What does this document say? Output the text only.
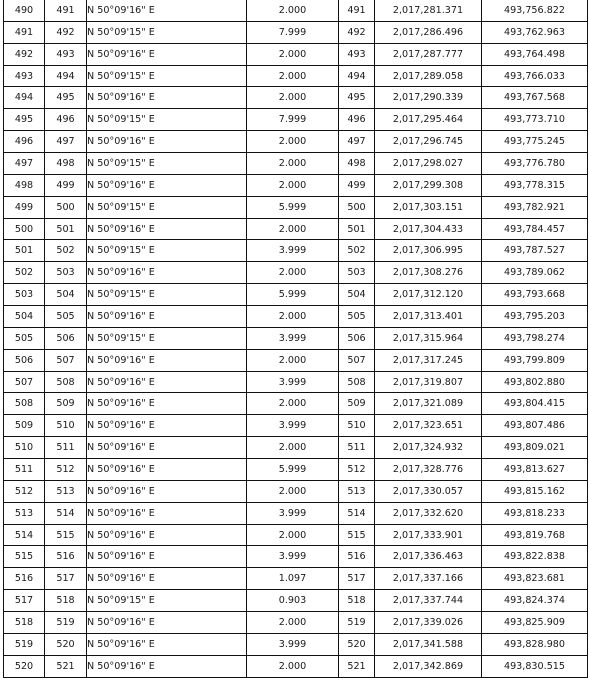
490	491	N 50°09'16" E	2.000	491	2,017,281.371	493,756.822
491	492	N 50°09'15" E	7.999	492	2,017,286.496	493,762.963
492	493	N 50°09'16" E	2.000	493	2,017,287.777	493,764.498
493	494	N 50°09'15" E	2.000	494	2,017,289.058	493,766.033
494	495	N 50°09'16" E	2.000	495	2,017,290.339	493,767.568
495	496	N 50°09'15" E	7.999	496	2,017,295.464	493,773.710
496	497	N 50°09'16" E	2.000	497	2,017,296.745	493,775.245
497	498	N 50°09'15" E	2.000	498	2,017,298.027	493,776.780
498	499	N 50°09'16" E	2.000	499	2,017,299.308	493,778.315
499	500	N 50°09'15" E	5.999	500	2,017,303.151	493,782.921
500	501	N 50°09'16" E	2.000	501	2,017,304.433	493,784.457
501	502	N 50°09'15" E	3.999	502	2,017,306.995	493,787.527
502	503	N 50°09'16" E	2.000	503	2,017,308.276	493,789.062
503	504	N 50°09'15" E	5.999	504	2,017,312.120	493,793.668
504	505	N 50°09'16" E	2.000	505	2,017,313.401	493,795.203
505	506	N 50°09'15" E	3.999	506	2,017,315.964	493,798.274
506	507	N 50°09'16" E	2.000	507	2,017,317.245	493,799.809
507	508	N 50°09'16" E	3.999	508	2,017,319.807	493,802.880
508	509	N 50°09'16" E	2.000	509	2,017,321.089	493,804.415
509	510	N 50°09'16" E	3.999	510	2,017,323.651	493,807.486
510	511	N 50°09'16" E	2.000	511	2,017,324.932	493,809.021
511	512	N 50°09'16" E	5.999	512	2,017,328.776	493,813.627
512	513	N 50°09'16" E	2.000	513	2,017,330.057	493,815.162
513	514	N 50°09'16" E	3.999	514	2,017,332.620	493,818.233
514	515	N 50°09'16" E	2.000	515	2,017,333.901	493,819.768
515	516	N 50°09'16" E	3.999	516	2,017,336.463	493,822.838
516	517	N 50°09'16" E	1.097	517	2,017,337.166	493,823.681
517	518	N 50°09'15" E	0.903	518	2,017,337.744	493,824.374
518	519	N 50°09'16" E	2.000	519	2,017,339.026	493,825.909
519	520	N 50°09'16" E	3.999	520	2,017,341.588	493,828.980
520	521	N 50°09'16" E	2.000	521	2,017,342.869	493,830.515
